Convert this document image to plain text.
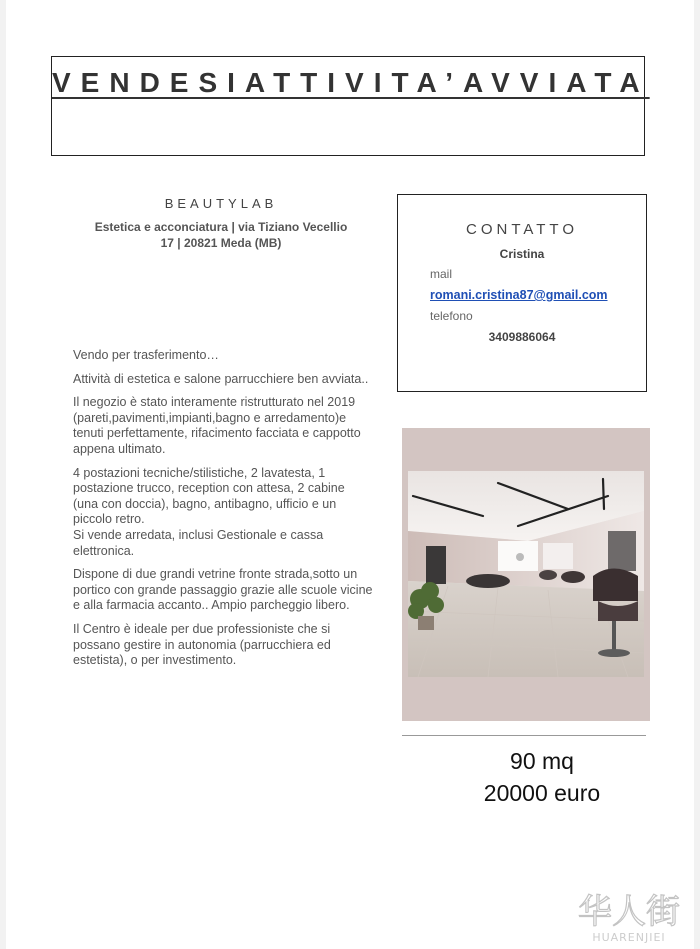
VENDESIATTIVITA’AVVIATA
BEAUTYLAB
Estetica e acconciatura | via Tiziano Vecellio
17 | 20821 Meda (MB)
CONTATTO
Cristina
mail
romani.cristina87@gmail.com
telefono
3409886064

Vendo per trasferimento…

Attività di estetica e salone parrucchiere ben avviata..

Il negozio è stato interamente ristrutturato nel 2019 (pareti,pavimenti,impianti,bagno e arredamento)e tenuti perfettamente, rifacimento facciata e cappotto appena ultimato.

4 postazioni tecniche/stilistiche, 2 lavatesta, 1 postazione trucco, reception con attesa, 2 cabine (una con doccia), bagno, antibagno, ufficio e un piccolo retro.

Si vende arredata, inclusi Gestionale e cassa elettronica.

Dispone di due grandi vetrine fronte strada,sotto un portico con grande passaggio grazie alle scuole vicine e alla farmacia accanto.. Ampio parcheggio libero.

Il Centro è ideale per due professioniste che si possano gestire in autonomia (parrucchiera ed estetista), o per investimento.

90 mq
20000 euro
华人街
HUARENJIEI
